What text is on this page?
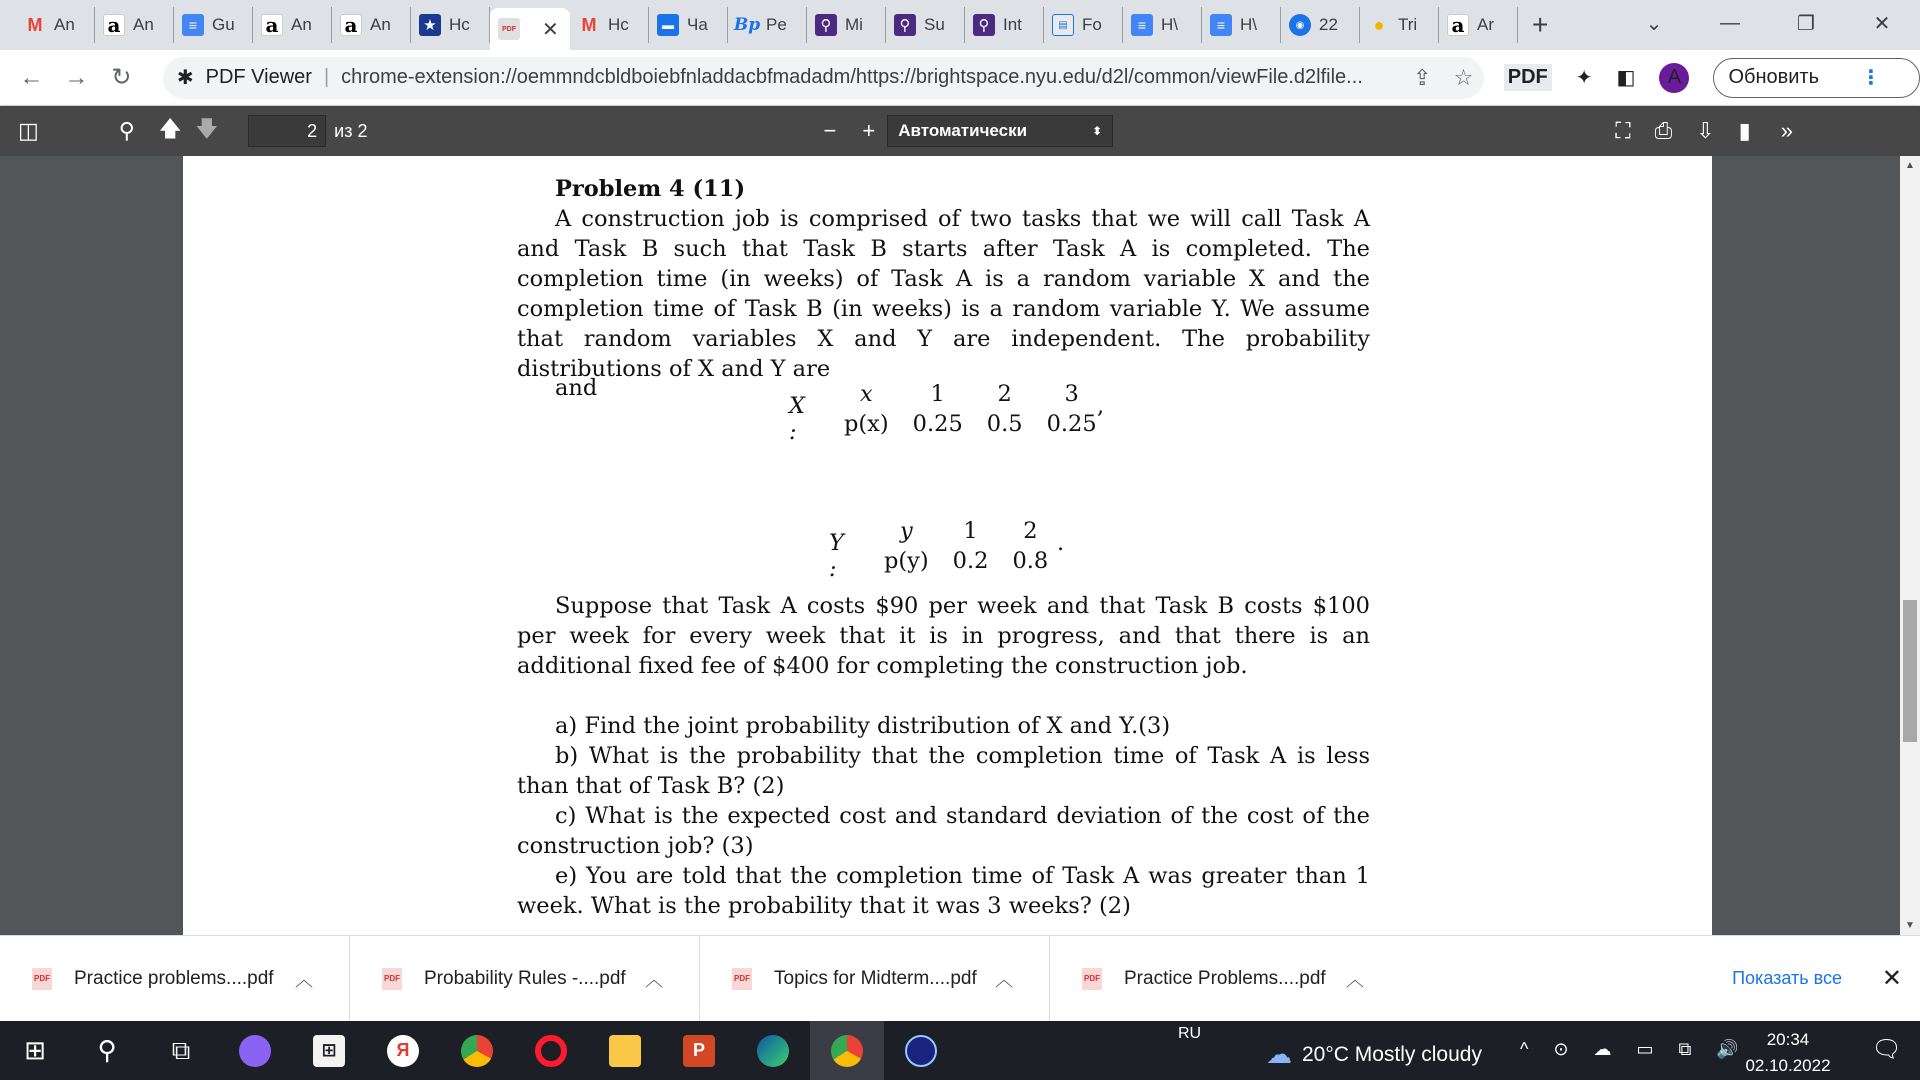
M An a An	≡ Gu a An a An ★ Hc	PDF ✕ M Hc	▬ Ча Bp Pe	⚲ Mi	⚲ Su	⚲ Int	▤ Fo	≡ H\	≡ H\	◉ 22	● Tri a Ar +	⌄	—	❐	✕
← → ↻	✱ PDF Viewer | chrome-extension://oemmndcbldboiebfnladdacbfmadadm/https://brightspace.nyu.edu/d2l/common/viewFile.d2lfile...	⇪ ☆ PDF ✦ ◧	A	Обновить ⋮
◫	⚲ 🡅 🡇	2 из 2	− +	Автоматически	⬍	⛶ ⎙ ⇩ ▮ »
Problem 4 (11)

A construction job is comprised of two tasks that we will call Task A and Task B such that Task B starts after Task A is completed. The completion time (in weeks) of Task A is a random variable X and the completion time of Task B (in weeks) is a random variable Y. We assume that random variables X and Y are independent. The probability distributions of X and Y are

X :
x	1	2	3
p(x)	0.25	0.5	0.25
,
and
Y :
y	1	2
p(y)	0.2	0.8
.

Suppose that Task A costs $90 per week and that Task B costs $100 per week for every week that it is in progress, and that there is an additional fixed fee of $400 for completing the construction job.

a) Find the joint probability distribution of X and Y.(3)

b) What is the probability that the completion time of Task A is less than that of Task B? (2)

c) What is the expected cost and standard deviation of the cost of the construction job? (3)

e) You are told that the completion time of Task A was greater than 1 week. What is the probability that it was 3 weeks? (2)

▲
▼
PDF Practice problems....pdf ︿	PDF Probability Rules -....pdf ︿	PDF Topics for Midterm....pdf ︿	PDF Practice Problems....pdf ︿	Показать все ✕
⊞	⚲	⧉	⊞	Я	P
RU
☁ 20°C Mostly cloudy ^ ⊙ ☁ ▭ ⧉ 🔊	20:34
02.10.2022
🗨
